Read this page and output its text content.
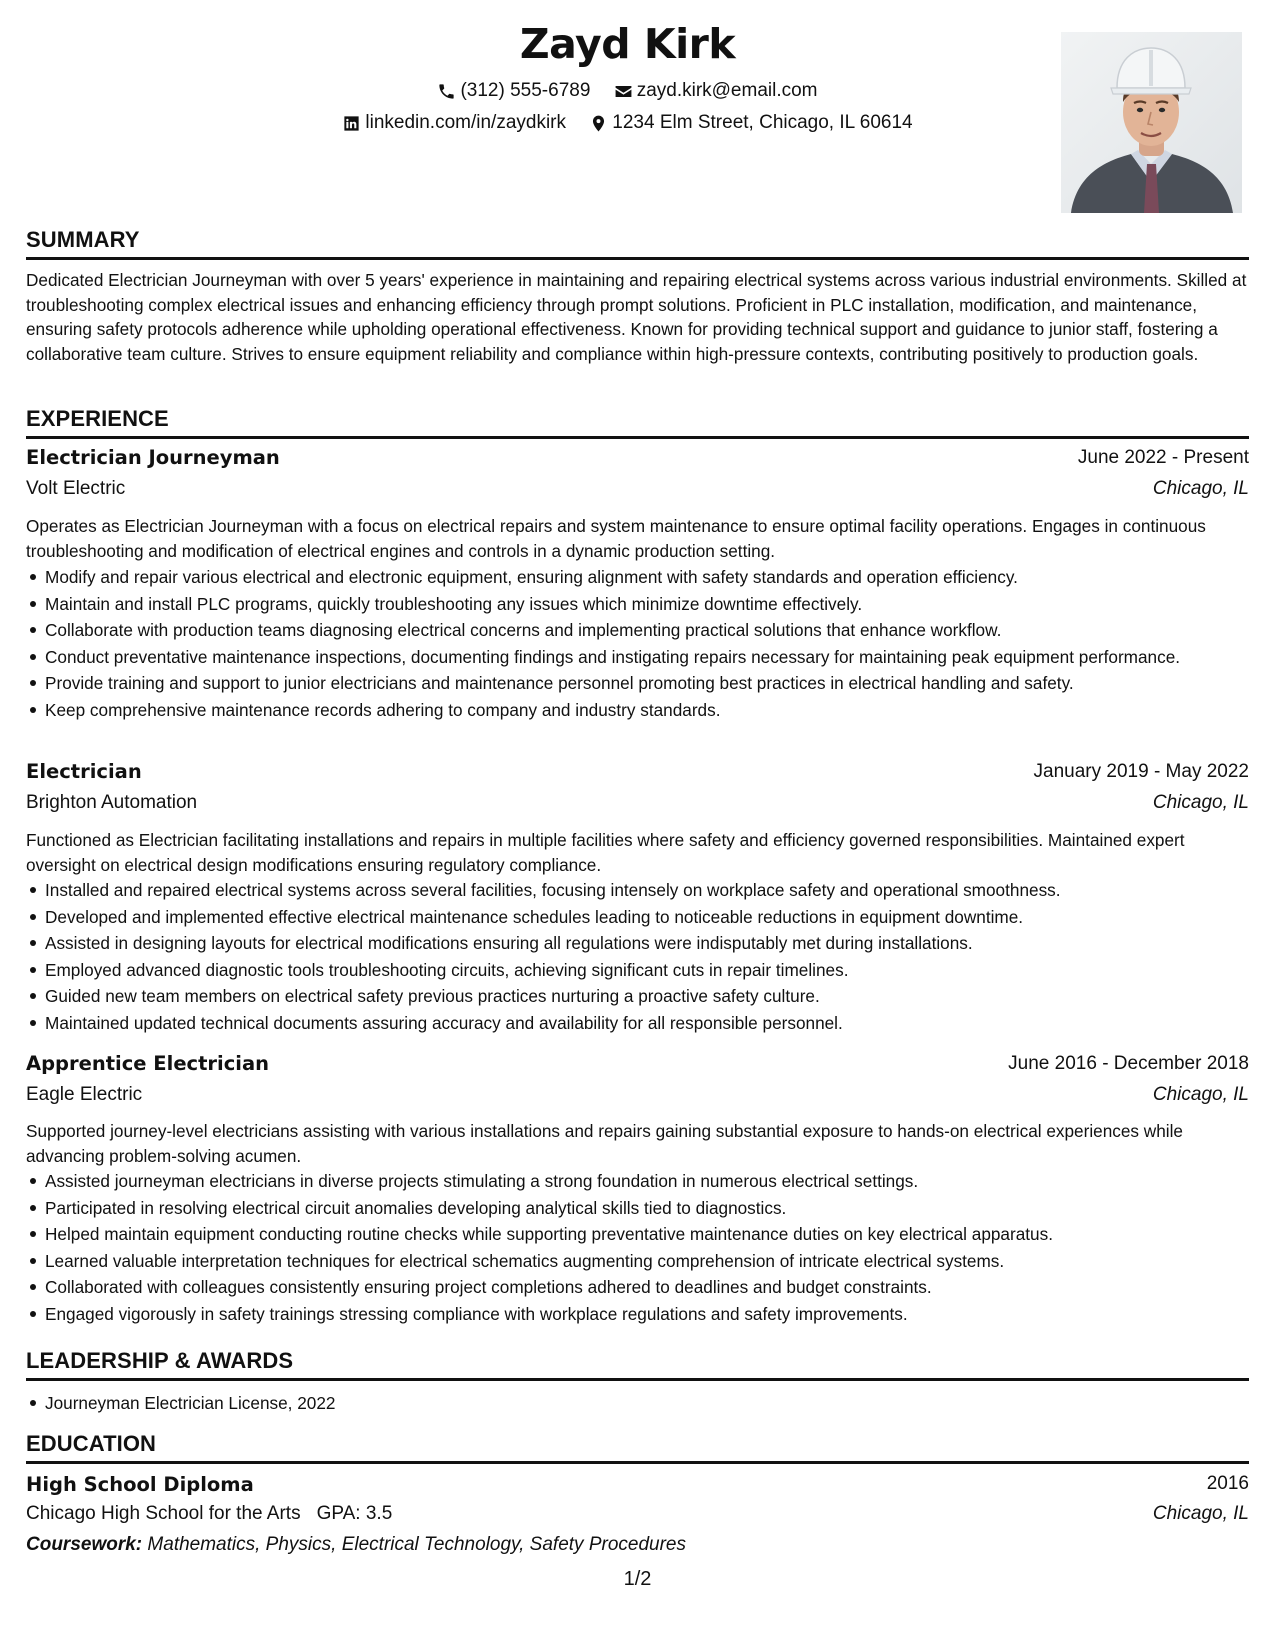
Zayd Kirk
(312) 555-6789
zayd.kirk@email.com
linkedin.com/in/zaydkirk
1234 Elm Street, Chicago, IL 60614
SUMMARY
Dedicated Electrician Journeyman with over 5 years' experience in maintaining and repairing electrical systems across various industrial environments. Skilled at troubleshooting complex electrical issues and enhancing efficiency through prompt solutions. Proficient in PLC installation, modification, and maintenance, ensuring safety protocols adherence while upholding operational effectiveness. Known for providing technical support and guidance to junior staff, fostering a collaborative team culture. Strives to ensure equipment reliability and compliance within high-pressure contexts, contributing positively to production goals.
EXPERIENCE
Electrician Journeyman	June 2022 - Present
Volt Electric	Chicago, IL
Operates as Electrician Journeyman with a focus on electrical repairs and system maintenance to ensure optimal facility operations. Engages in continuous troubleshooting and modification of electrical engines and controls in a dynamic production setting.
Modify and repair various electrical and electronic equipment, ensuring alignment with safety standards and operation efficiency.
Maintain and install PLC programs, quickly troubleshooting any issues which minimize downtime effectively.
Collaborate with production teams diagnosing electrical concerns and implementing practical solutions that enhance workflow.
Conduct preventative maintenance inspections, documenting findings and instigating repairs necessary for maintaining peak equipment performance.
Provide training and support to junior electricians and maintenance personnel promoting best practices in electrical handling and safety.
Keep comprehensive maintenance records adhering to company and industry standards.
Electrician	January 2019 - May 2022
Brighton Automation	Chicago, IL
Functioned as Electrician facilitating installations and repairs in multiple facilities where safety and efficiency governed responsibilities. Maintained expert oversight on electrical design modifications ensuring regulatory compliance.
Installed and repaired electrical systems across several facilities, focusing intensely on workplace safety and operational smoothness.
Developed and implemented effective electrical maintenance schedules leading to noticeable reductions in equipment downtime.
Assisted in designing layouts for electrical modifications ensuring all regulations were indisputably met during installations.
Employed advanced diagnostic tools troubleshooting circuits, achieving significant cuts in repair timelines.
Guided new team members on electrical safety previous practices nurturing a proactive safety culture.
Maintained updated technical documents assuring accuracy and availability for all responsible personnel.
Apprentice Electrician	June 2016 - December 2018
Eagle Electric	Chicago, IL
Supported journey-level electricians assisting with various installations and repairs gaining substantial exposure to hands-on electrical experiences while advancing problem-solving acumen.
Assisted journeyman electricians in diverse projects stimulating a strong foundation in numerous electrical settings.
Participated in resolving electrical circuit anomalies developing analytical skills tied to diagnostics.
Helped maintain equipment conducting routine checks while supporting preventative maintenance duties on key electrical apparatus.
Learned valuable interpretation techniques for electrical schematics augmenting comprehension of intricate electrical systems.
Collaborated with colleagues consistently ensuring project completions adhered to deadlines and budget constraints.
Engaged vigorously in safety trainings stressing compliance with workplace regulations and safety improvements.
LEADERSHIP & AWARDS
Journeyman Electrician License, 2022
EDUCATION
High School Diploma	2016
Chicago High School for the Arts GPA: 3.5	Chicago, IL
Coursework: Mathematics, Physics, Electrical Technology, Safety Procedures
1/2
